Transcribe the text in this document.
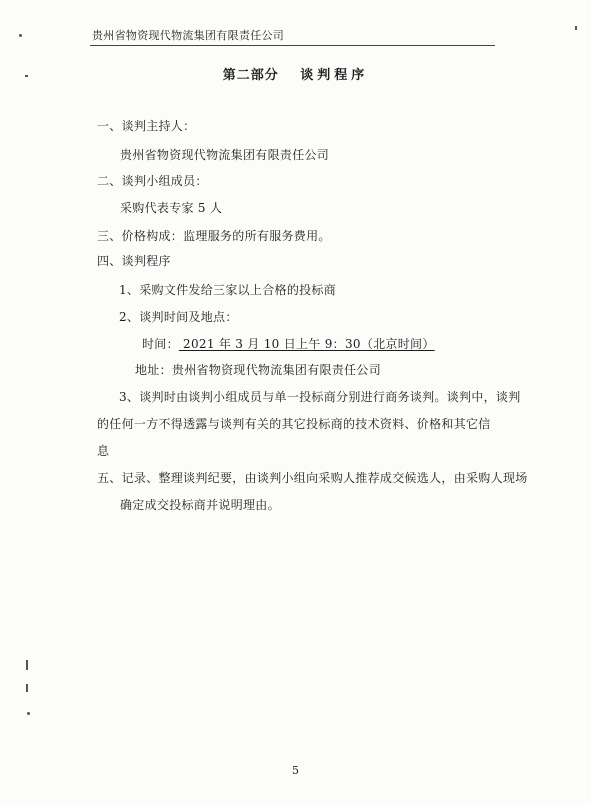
贵州省物资现代物流集团有限责任公司
第二部分 谈判程序
一、谈判主持人：
贵州省物资现代物流集团有限责任公司
二、谈判小组成员：
采购代表专家 5 人
三、价格构成：监理服务的所有服务费用。
四、谈判程序
1、采购文件发给三家以上合格的投标商
2、谈判时间及地点：
时间： 2021 年 3 月 10 日上午 9：30（北京时间）
地址：贵州省物资现代物流集团有限责任公司
3、谈判时由谈判小组成员与单一投标商分别进行商务谈判。谈判中，谈判
的任何一方不得透露与谈判有关的其它投标商的技术资料、价格和其它信
息
五、记录、整理谈判纪要，由谈判小组向采购人推荐成交候选人，由采购人现场
确定成交投标商并说明理由。
5
